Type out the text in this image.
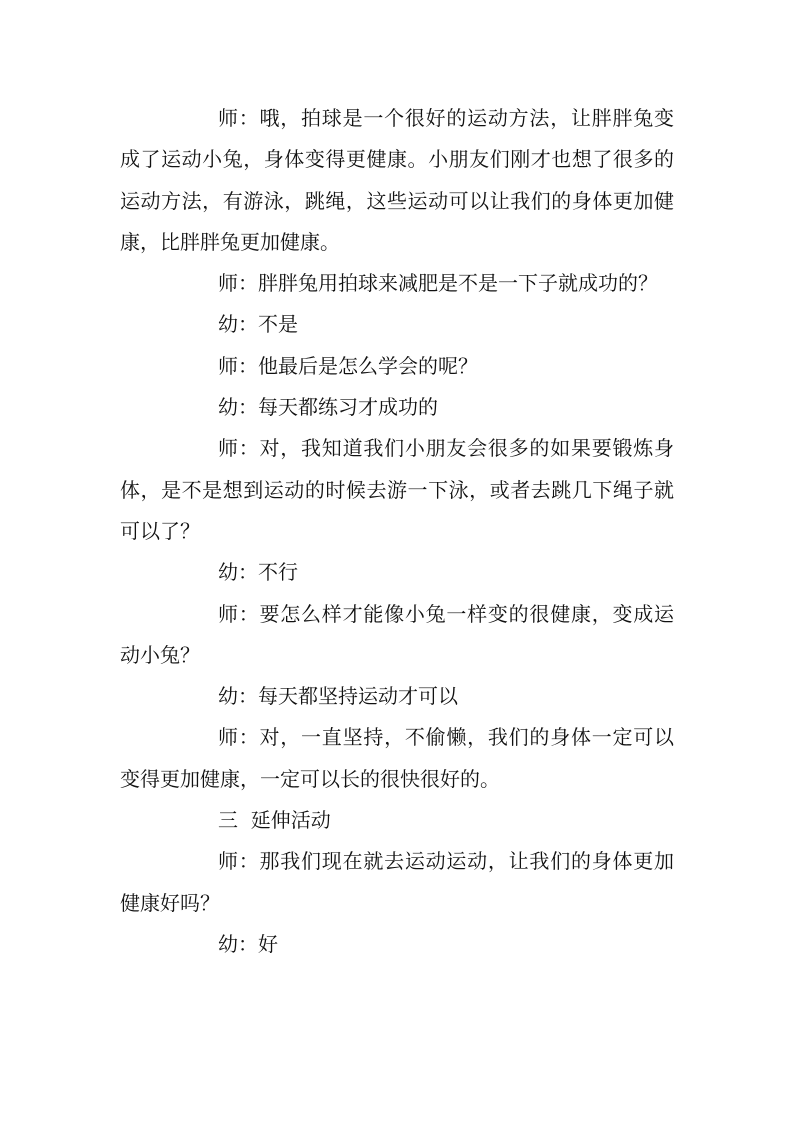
师：哦，拍球是一个很好的运动方法，让胖胖兔变成了运动小兔，身体变得更健康。小朋友们刚才也想了很多的运动方法，有游泳，跳绳，这些运动可以让我们的身体更加健康，比胖胖兔更加健康。

师：胖胖兔用拍球来减肥是不是一下子就成功的？

幼：不是

师：他最后是怎么学会的呢？

幼：每天都练习才成功的

师：对，我知道我们小朋友会很多的如果要锻炼身体，是不是想到运动的时候去游一下泳，或者去跳几下绳子就可以了？

幼：不行

师：要怎么样才能像小兔一样变的很健康，变成运动小兔？

幼：每天都坚持运动才可以

师：对，一直坚持，不偷懒，我们的身体一定可以变得更加健康，一定可以长的很快很好的。

三  延伸活动

师：那我们现在就去运动运动，让我们的身体更加健康好吗？

幼：好
